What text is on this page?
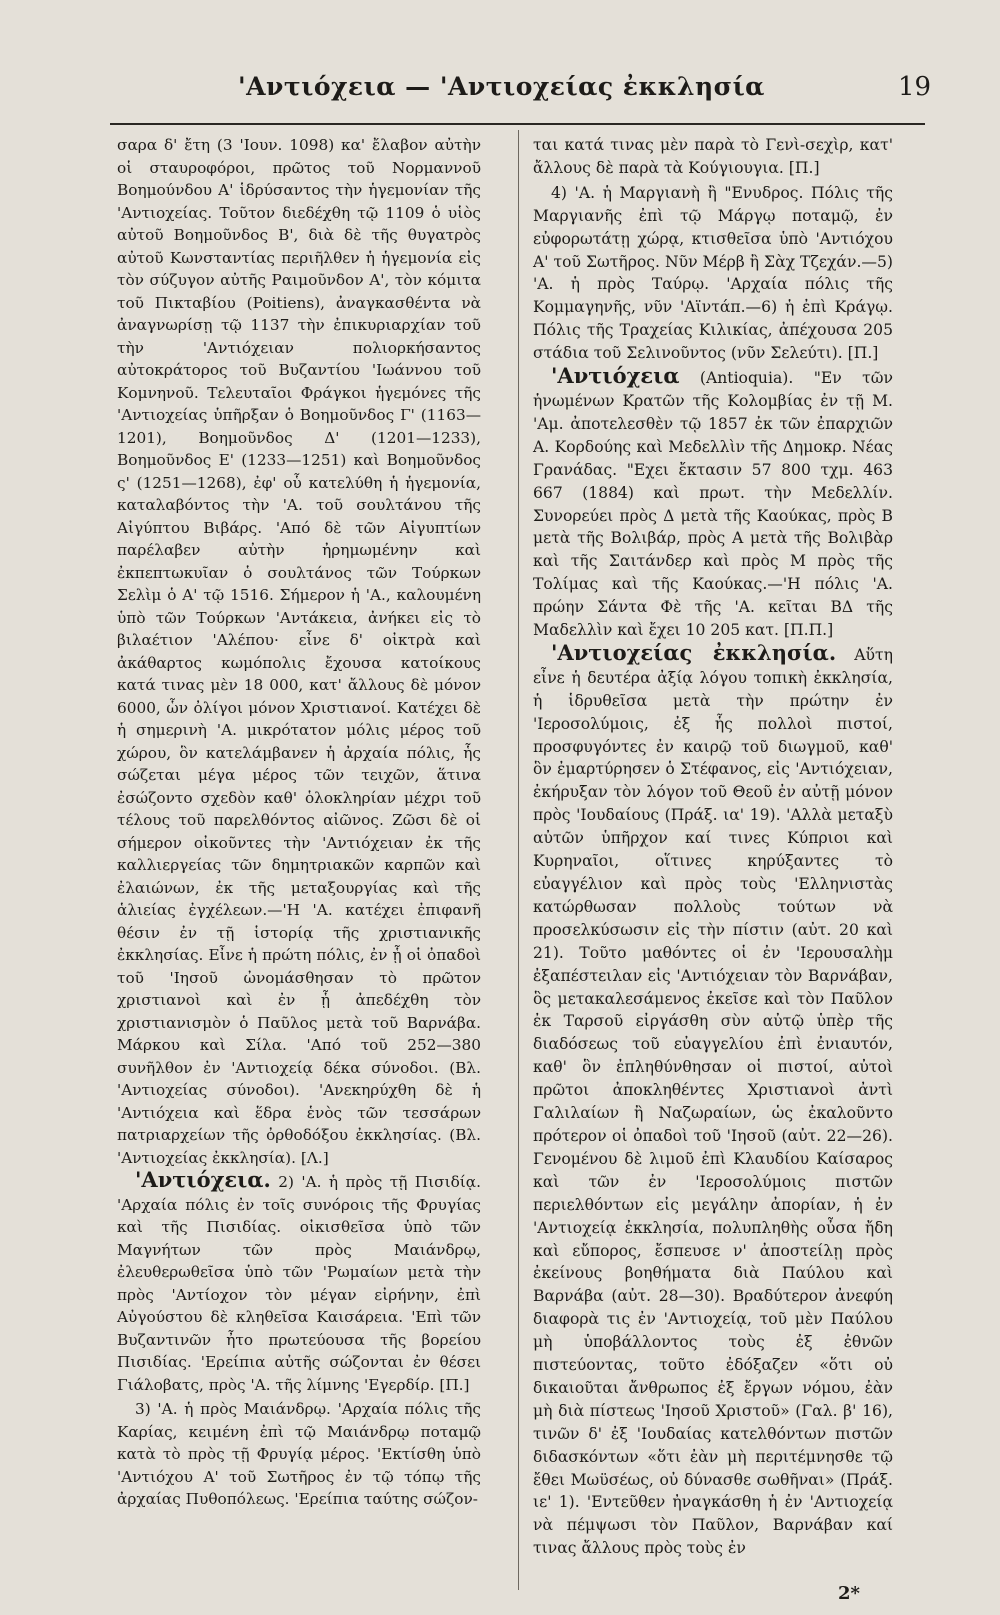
'Αντιόχεια — 'Αντιοχείας ἐκκλησία	19

σαρα δ' ἔτη (3 'Ιουν. 1098) κα' ἔλαβον αὐτὴν οἱ σταυροφόροι, πρῶτος τοῦ Νορμαννοῦ Βοημούνδου Α' ἱδρύσαντος τὴν ἡγεμονίαν τῆς 'Αντιοχείας. Τοῦτον διεδέχθη τῷ 1109 ὁ υἱὸς αὐτοῦ Βοημοῦνδος Β', διὰ δὲ τῆς θυγατρὸς αὐτοῦ Κωνσταντίας περιῆλθεν ἡ ἡγεμονία εἰς τὸν σύζυγον αὐτῆς Ραιμοῦνδον Α', τὸν κόμιτα τοῦ Πικταβίου (Poitiens), ἀναγκασθέντα νὰ ἀναγνωρίσῃ τῷ 1137 τὴν ἐπικυριαρχίαν τοῦ τὴν 'Αντιόχειαν πολιορκήσαντος αὐτοκράτορος τοῦ Βυζαντίου 'Ιωάννου τοῦ Κομνηνοῦ. Τελευταῖοι Φράγκοι ἡγεμόνες τῆς 'Αντιοχείας ὑπῆρξαν ὁ Βοημοῦνδος Γ' (1163—1201), Βοημοῦνδος Δ' (1201—1233), Βοημοῦνδος Ε' (1233—1251) καὶ Βοημοῦνδος ς' (1251—1268), ἐφ' οὗ κατελύθη ἡ ἡγεμονία, καταλαβόντος τὴν 'Α. τοῦ σουλτάνου τῆς Αἰγύπτου Βιβάρς. 'Από δὲ τῶν Αἰγυπτίων παρέλαβεν αὐτὴν ἠρημωμένην καὶ ἐκπεπτωκυῖαν ὁ σουλτάνος τῶν Τούρκων Σελὶμ ὁ Α' τῷ 1516. Σήμερον ἡ 'Α., καλουμένη ὑπὸ τῶν Τούρκων 'Αντάκεια, ἀνήκει εἰς τὸ βιλαέτιον 'Αλέπου· εἶνε δ' οἰκτρὰ καὶ ἀκάθαρτος κωμόπολις ἔχουσα κατοίκους κατά τινας μὲν 18 000, κατ' ἄλλους δὲ μόνον 6000, ὧν ὀλίγοι μόνον Χριστιανοί. Κατέχει δὲ ἡ σημερινὴ 'Α. μικρότατον μόλις μέρος τοῦ χώρου, ὃν κατελάμβανεν ἡ ἀρχαία πόλις, ἧς σώζεται μέγα μέρος τῶν τειχῶν, ἅτινα ἐσώζοντο σχεδὸν καθ' ὁλοκληρίαν μέχρι τοῦ τέλους τοῦ παρελθόντος αἰῶνος. Ζῶσι δὲ οἱ σήμερον οἰκοῦντες τὴν 'Αντιόχειαν ἐκ τῆς καλλιεργείας τῶν δημητριακῶν καρπῶν καὶ ἐλαιώνων, ἐκ τῆς μεταξουργίας καὶ τῆς ἁλιείας ἐγχέλεων.—'Η 'Α. κατέχει ἐπιφανῆ θέσιν ἐν τῇ ἱστορίᾳ τῆς χριστιανικῆς ἐκκλησίας. Εἶνε ἡ πρώτη πόλις, ἐν ᾗ οἱ ὀπαδοὶ τοῦ 'Ιησοῦ ὠνομάσθησαν τὸ πρῶτον χριστιανοὶ καὶ ἐν ᾗ ἀπεδέχθη τὸν χριστιανισμὸν ὁ Παῦλος μετὰ τοῦ Βαρνάβα. Μάρκου καὶ Σίλα. 'Από τοῦ 252—380 συνῆλθον ἐν 'Αντιοχείᾳ δέκα σύνοδοι. (Βλ. 'Αντιοχείας σύνοδοι). 'Ανεκηρύχθη δὲ ἡ 'Αντιόχεια καὶ ἕδρα ἑνὸς τῶν τεσσάρων πατριαρχείων τῆς ὀρθοδόξου ἐκκλησίας. (Βλ. 'Αντιοχείας ἐκκλησία). [Λ.]

'Αντιόχεια. 2) 'Α. ἡ πρὸς τῇ Πισιδίᾳ. 'Αρχαία πόλις ἐν τοῖς συνόροις τῆς Φρυγίας καὶ τῆς Πισιδίας. οἰκισθεῖσα ὑπὸ τῶν Μαγνήτων τῶν πρὸς Μαιάνδρῳ, ἐλευθερωθεῖσα ὑπὸ τῶν 'Ρωμαίων μετὰ τὴν πρὸς 'Αντίοχον τὸν μέγαν εἰρήνην, ἐπὶ Αὐγούστου δὲ κληθεῖσα Καισάρεια. 'Επὶ τῶν Βυζαντινῶν ἦτο πρωτεύουσα τῆς βορείου Πισιδίας. 'Ερείπια αὐτῆς σώζονται ἐν θέσει Γιάλοβατς, πρὸς 'Α. τῆς λίμνης 'Εγερδίρ. [Π.]

3) 'Α. ἡ πρὸς Μαιάνδρῳ. 'Αρχαία πόλις τῆς Καρίας, κειμένη ἐπὶ τῷ Μαιάνδρῳ ποταμῷ κατὰ τὸ πρὸς τῇ Φρυγίᾳ μέρος. 'Εκτίσθη ὑπὸ 'Αντιόχου Α' τοῦ Σωτῆρος ἐν τῷ τόπῳ τῆς ἀρχαίας Πυθοπόλεως. 'Ερείπια ταύτης σώζον-

ται κατά τινας μὲν παρὰ τὸ Γενὶ-σεχὶρ, κατ' ἄλλους δὲ παρὰ τὰ Κούγιουγια. [Π.]

4) 'Α. ἡ Μαργιανὴ ἢ "Ενυδρος. Πόλις τῆς Μαργιανῆς ἐπὶ τῷ Μάργῳ ποταμῷ, ἐν εὐφορωτάτῃ χώρᾳ, κτισθεῖσα ὑπὸ 'Αντιόχου Α' τοῦ Σωτῆρος. Νῦν Μέρβ ἢ Σὰχ Τζεχάν.—5) 'Α. ἡ πρὸς Ταύρῳ. 'Αρχαία πόλις τῆς Κομμαγηνῆς, νῦν 'Αϊντάπ.—6) ἡ ἐπὶ Κράγῳ. Πόλις τῆς Τραχείας Κιλικίας, ἀπέχουσα 205 στάδια τοῦ Σελινοῦντος (νῦν Σελεύτι). [Π.]

'Αντιόχεια (Antioquia). "Εν τῶν ἡνωμένων Κρατῶν τῆς Κολομβίας ἐν τῇ Μ. 'Αμ. ἀποτελεσθὲν τῷ 1857 ἐκ τῶν ἐπαρχιῶν Α. Κορδούης καὶ Μεδελλὶν τῆς Δημοκρ. Νέας Γρανάδας. "Εχει ἔκτασιν 57 800 τχμ. 463 667 (1884) καὶ πρωτ. τὴν Μεδελλίν. Συνορεύει πρὸς Δ μετὰ τῆς Καούκας, πρὸς Β μετὰ τῆς Βολιβάρ, πρὸς Α μετὰ τῆς Βολιβὰρ καὶ τῆς Σαιτάνδερ καὶ πρὸς Μ πρὸς τῆς Τολίμας καὶ τῆς Καούκας.—'Η πόλις 'Α. πρώην Σάντα Φὲ τῆς 'Α. κεῖται ΒΔ τῆς Μαδελλὶν καὶ ἔχει 10 205 κατ. [Π.Π.]

'Αντιοχείας ἐκκλησία. Αὕτη εἶνε ἡ δευτέρα ἀξίᾳ λόγου τοπικὴ ἐκκλησία, ἡ ἱδρυθεῖσα μετὰ τὴν πρώτην ἐν 'Ιεροσολύμοις, ἐξ ἧς πολλοὶ πιστοί, προσφυγόντες ἐν καιρῷ τοῦ διωγμοῦ, καθ' ὃν ἐμαρτύρησεν ὁ Στέφανος, εἰς 'Αντιόχειαν, ἐκήρυξαν τὸν λόγον τοῦ Θεοῦ ἐν αὐτῇ μόνον πρὸς 'Ιουδαίους (Πράξ. ια' 19). 'Αλλὰ μεταξὺ αὐτῶν ὑπῆρχον καί τινες Κύπριοι καὶ Κυρηναῖοι, οἵτινες κηρύξαντες τὸ εὐαγγέλιον καὶ πρὸς τοὺς 'Ελληνιστὰς κατώρθωσαν πολλοὺς τούτων νὰ προσελκύσωσιν εἰς τὴν πίστιν (αὐτ. 20 καὶ 21). Τοῦτο μαθόντες οἱ ἐν 'Ιερουσαλὴμ ἐξαπέστειλαν εἰς 'Αντιόχειαν τὸν Βαρνάβαν, ὃς μετακαλεσάμενος ἐκεῖσε καὶ τὸν Παῦλον ἐκ Ταρσοῦ εἰργάσθη σὺν αὐτῷ ὑπὲρ τῆς διαδόσεως τοῦ εὐαγγελίου ἐπὶ ἐνιαυτόν, καθ' ὃν ἐπληθύνθησαν οἱ πιστοί, αὐτοὶ πρῶτοι ἀποκληθέντες Χριστιανοὶ ἀντὶ Γαλιλαίων ἢ Ναζωραίων, ὡς ἐκαλοῦντο πρότερον οἱ ὀπαδοὶ τοῦ 'Ιησοῦ (αὐτ. 22—26). Γενομένου δὲ λιμοῦ ἐπὶ Κλαυδίου Καίσαρος καὶ τῶν ἐν 'Ιεροσολύμοις πιστῶν περιελθόντων εἰς μεγάλην ἀπορίαν, ἡ ἐν 'Αντιοχείᾳ ἐκκλησία, πολυπληθὴς οὖσα ἤδη καὶ εὔπορος, ἔσπευσε ν' ἀποστείλῃ πρὸς ἐκείνους βοηθήματα διὰ Παύλου καὶ Βαρνάβα (αὐτ. 28—30). Βραδύτερον ἀνεφύη διαφορὰ τις ἐν 'Αντιοχείᾳ, τοῦ μὲν Παύλου μὴ ὑποβάλλοντος τοὺς ἐξ ἐθνῶν πιστεύοντας, τοῦτο ἐδόξαζεν «ὅτι οὐ δικαιοῦται ἄνθρωπος ἐξ ἔργων νόμου, ἐὰν μὴ διὰ πίστεως 'Ιησοῦ Χριστοῦ» (Γαλ. β' 16), τινῶν δ' ἐξ 'Ιουδαίας κατελθόντων πιστῶν διδασκόντων «ὅτι ἐὰν μὴ περιτέμνησθε τῷ ἔθει Μωϋσέως, οὐ δύνασθε σωθῆναι» (Πράξ. ιε' 1). 'Εντεῦθεν ἠναγκάσθη ἡ ἐν 'Αντιοχείᾳ νὰ πέμψωσι τὸν Παῦλον, Βαρνάβαν καί τινας ἄλλους πρὸς τοὺς ἐν

2*
